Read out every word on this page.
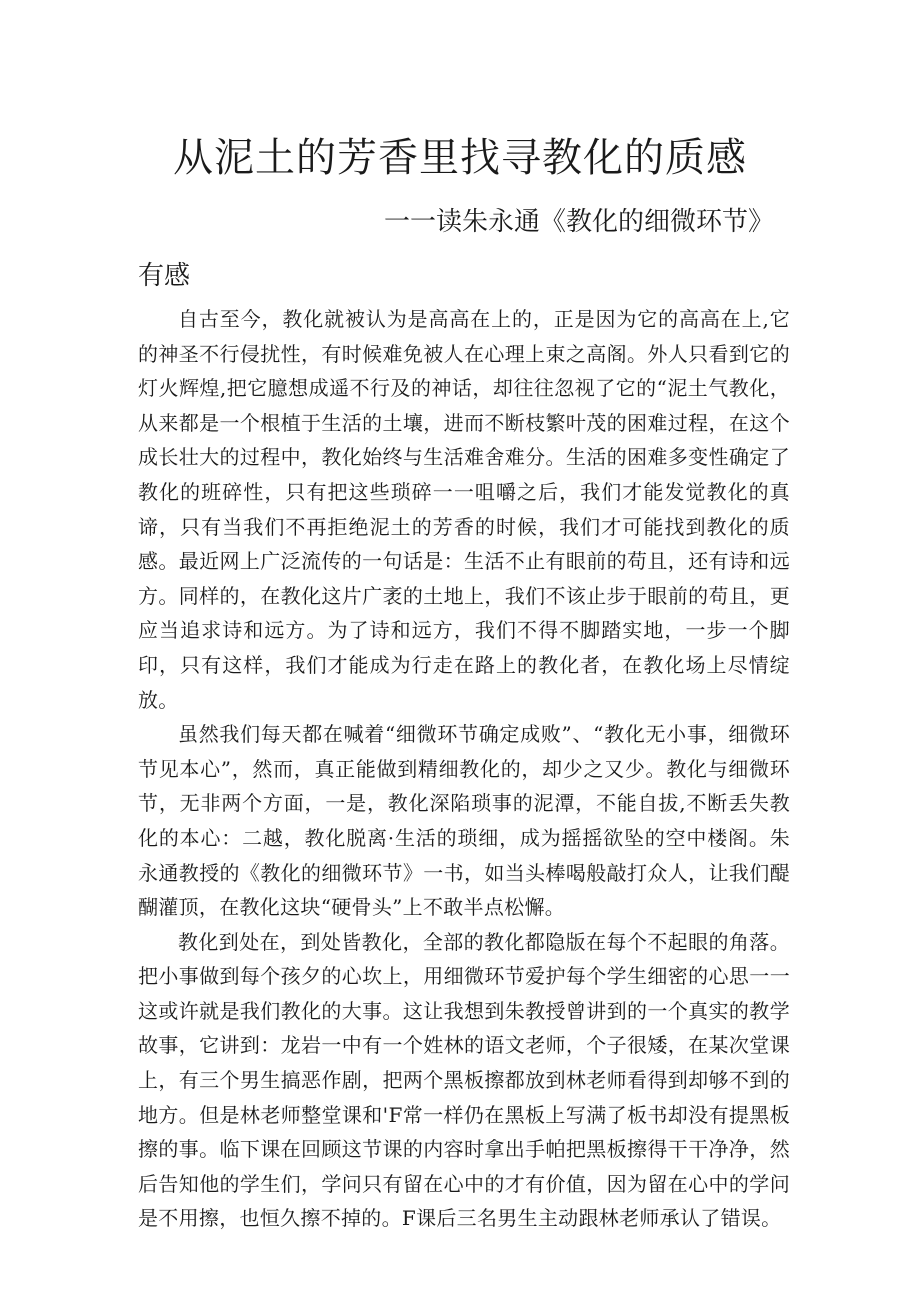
从泥土的芳香里找寻教化的质感
一一读朱永通《教化的细微环节》
有感

自古至今，教化就被认为是高高在上的，正是因为它的高高在上,它的神圣不行侵扰性，有时候难免被人在心理上束之高阁。外人只看到它的灯火辉煌,把它臆想成遥不行及的神话，却往往忽视了它的“泥土气教化，从来都是一个根植于生活的土壤，进而不断枝繁叶茂的困难过程，在这个成长壮大的过程中，教化始终与生活难舍难分。生活的困难多变性确定了教化的班碎性，只有把这些琐碎一一咀嚼之后，我们才能发觉教化的真谛，只有当我们不再拒绝泥土的芳香的时候，我们才可能找到教化的质感。最近网上广泛流传的一句话是：生活不止有眼前的苟且，还有诗和远方。同样的，在教化这片广袤的土地上，我们不该止步于眼前的苟且，更应当追求诗和远方。为了诗和远方，我们不得不脚踏实地，一步一个脚印，只有这样，我们才能成为行走在路上的教化者，在教化场上尽情绽放。

虽然我们每天都在喊着“细微环节确定成败”、“教化无小事，细微环节见本心”，然而，真正能做到精细教化的，却少之又少。教化与细微环节，无非两个方面，一是，教化深陷琐事的泥潭，不能自拔,不断丢失教化的本心：二越，教化脱离·生活的琐细，成为摇摇欲坠的空中楼阁。朱永通教授的《教化的细微环节》一书，如当头棒喝般敲打众人，让我们醍醐灌顶，在教化这块“硬骨头”上不敢半点松懈。

教化到处在，到处皆教化，全部的教化都隐版在每个不起眼的角落。把小事做到每个孩夕的心坎上，用细微环节爱护每个学生细密的心思一一这或许就是我们教化的大事。这让我想到朱教授曾讲到的一个真实的教学故事，它讲到：龙岩一中有一个姓林的语文老师，个子很矮，在某次堂课上，有三个男生搞恶作剧，把两个黑板擦都放到林老师看得到却够不到的地方。但是林老师整堂课和'F常一样仍在黑板上写满了板书却没有提黑板擦的事。临下课在回顾这节课的内容时拿出手帕把黑板擦得干干净净，然后告知他的学生们，学问只有留在心中的才有价值，因为留在心中的学问是不用擦，也恒久擦不掉的。F课后三名男生主动跟林老师承认了错误。
